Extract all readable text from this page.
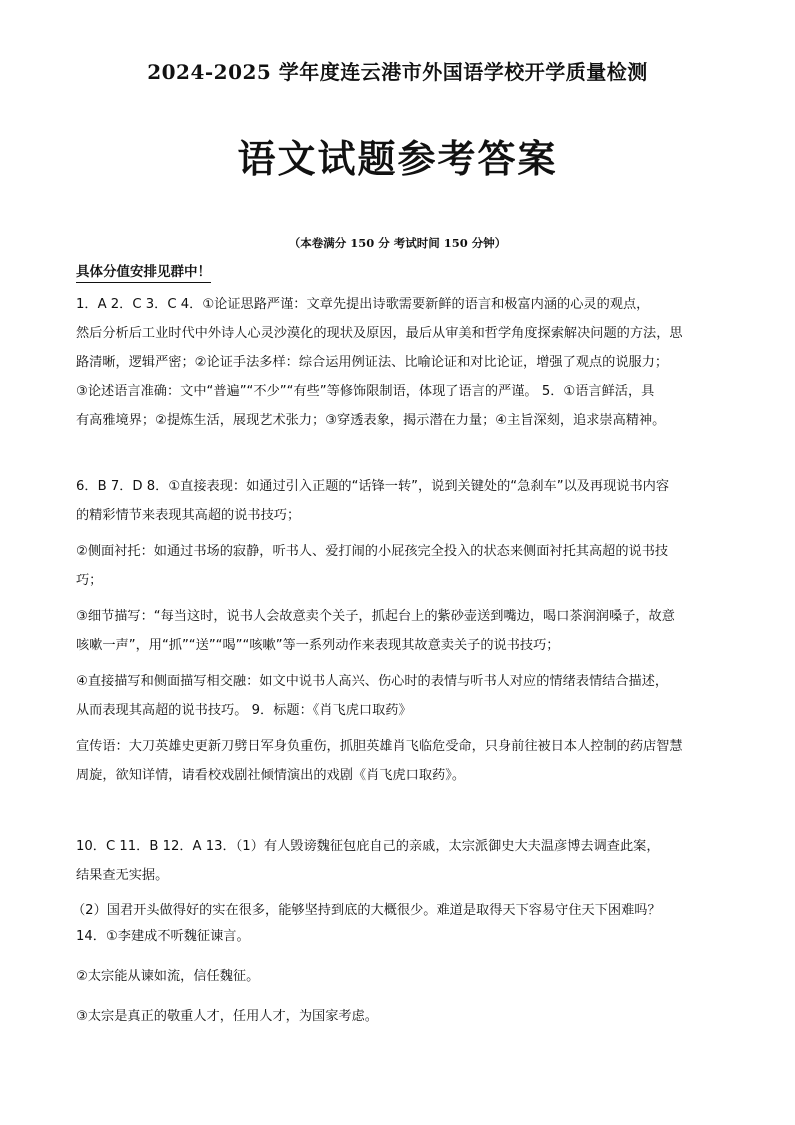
2024-2025 学年度连云港市外国语学校开学质量检测
语文试题参考答案
（本卷满分 150 分 考试时间 150 分钟）
具体分值安排见群中！
1．A 2．C 3．C 4．①论证思路严谨：文章先提出诗歌需要新鲜的语言和极富内涵的心灵的观点，
然后分析后工业时代中外诗人心灵沙漠化的现状及原因，最后从审美和哲学角度探索解决问题的方法，思
路清晰，逻辑严密；②论证手法多样：综合运用例证法、比喻论证和对比论证，增强了观点的说服力；
③论述语言准确：文中“普遍”“不少”“有些”等修饰限制语，体现了语言的严谨。 5．①语言鲜活，具
有高雅境界；②提炼生活，展现艺术张力；③穿透表象，揭示潜在力量；④主旨深刻，追求崇高精神。
6．B 7．D 8．①直接表现：如通过引入正题的“话锋一转”，说到关键处的“急刹车”以及再现说书内容
的精彩情节来表现其高超的说书技巧；
②侧面衬托：如通过书场的寂静，听书人、爱打闹的小屁孩完全投入的状态来侧面衬托其高超的说书技
巧；
③细节描写：“每当这时，说书人会故意卖个关子，抓起台上的紫砂壶送到嘴边，喝口茶润润嗓子，故意
咳嗽一声”，用“抓”“送”“喝”“咳嗽”等一系列动作来表现其故意卖关子的说书技巧；
④直接描写和侧面描写相交融：如文中说书人高兴、伤心时的表情与听书人对应的情绪表情结合描述，
从而表现其高超的说书技巧。 9．标题：《肖飞虎口取药》
宣传语：大刀英雄史更新刀劈日军身负重伤，抓胆英雄肖飞临危受命，只身前往被日本人控制的药店智慧
周旋，欲知详情，请看校戏剧社倾情演出的戏剧《肖飞虎口取药》。
10．C 11．B 12．A 13．（1）有人毁谤魏征包庇自己的亲戚，太宗派御史大夫温彦博去调查此案，
结果查无实据。
（2）国君开头做得好的实在很多，能够坚持到底的大概很少。难道是取得天下容易守住天下困难吗？
14．①李建成不听魏征谏言。
②太宗能从谏如流，信任魏征。
③太宗是真正的敬重人才，任用人才，为国家考虑。
